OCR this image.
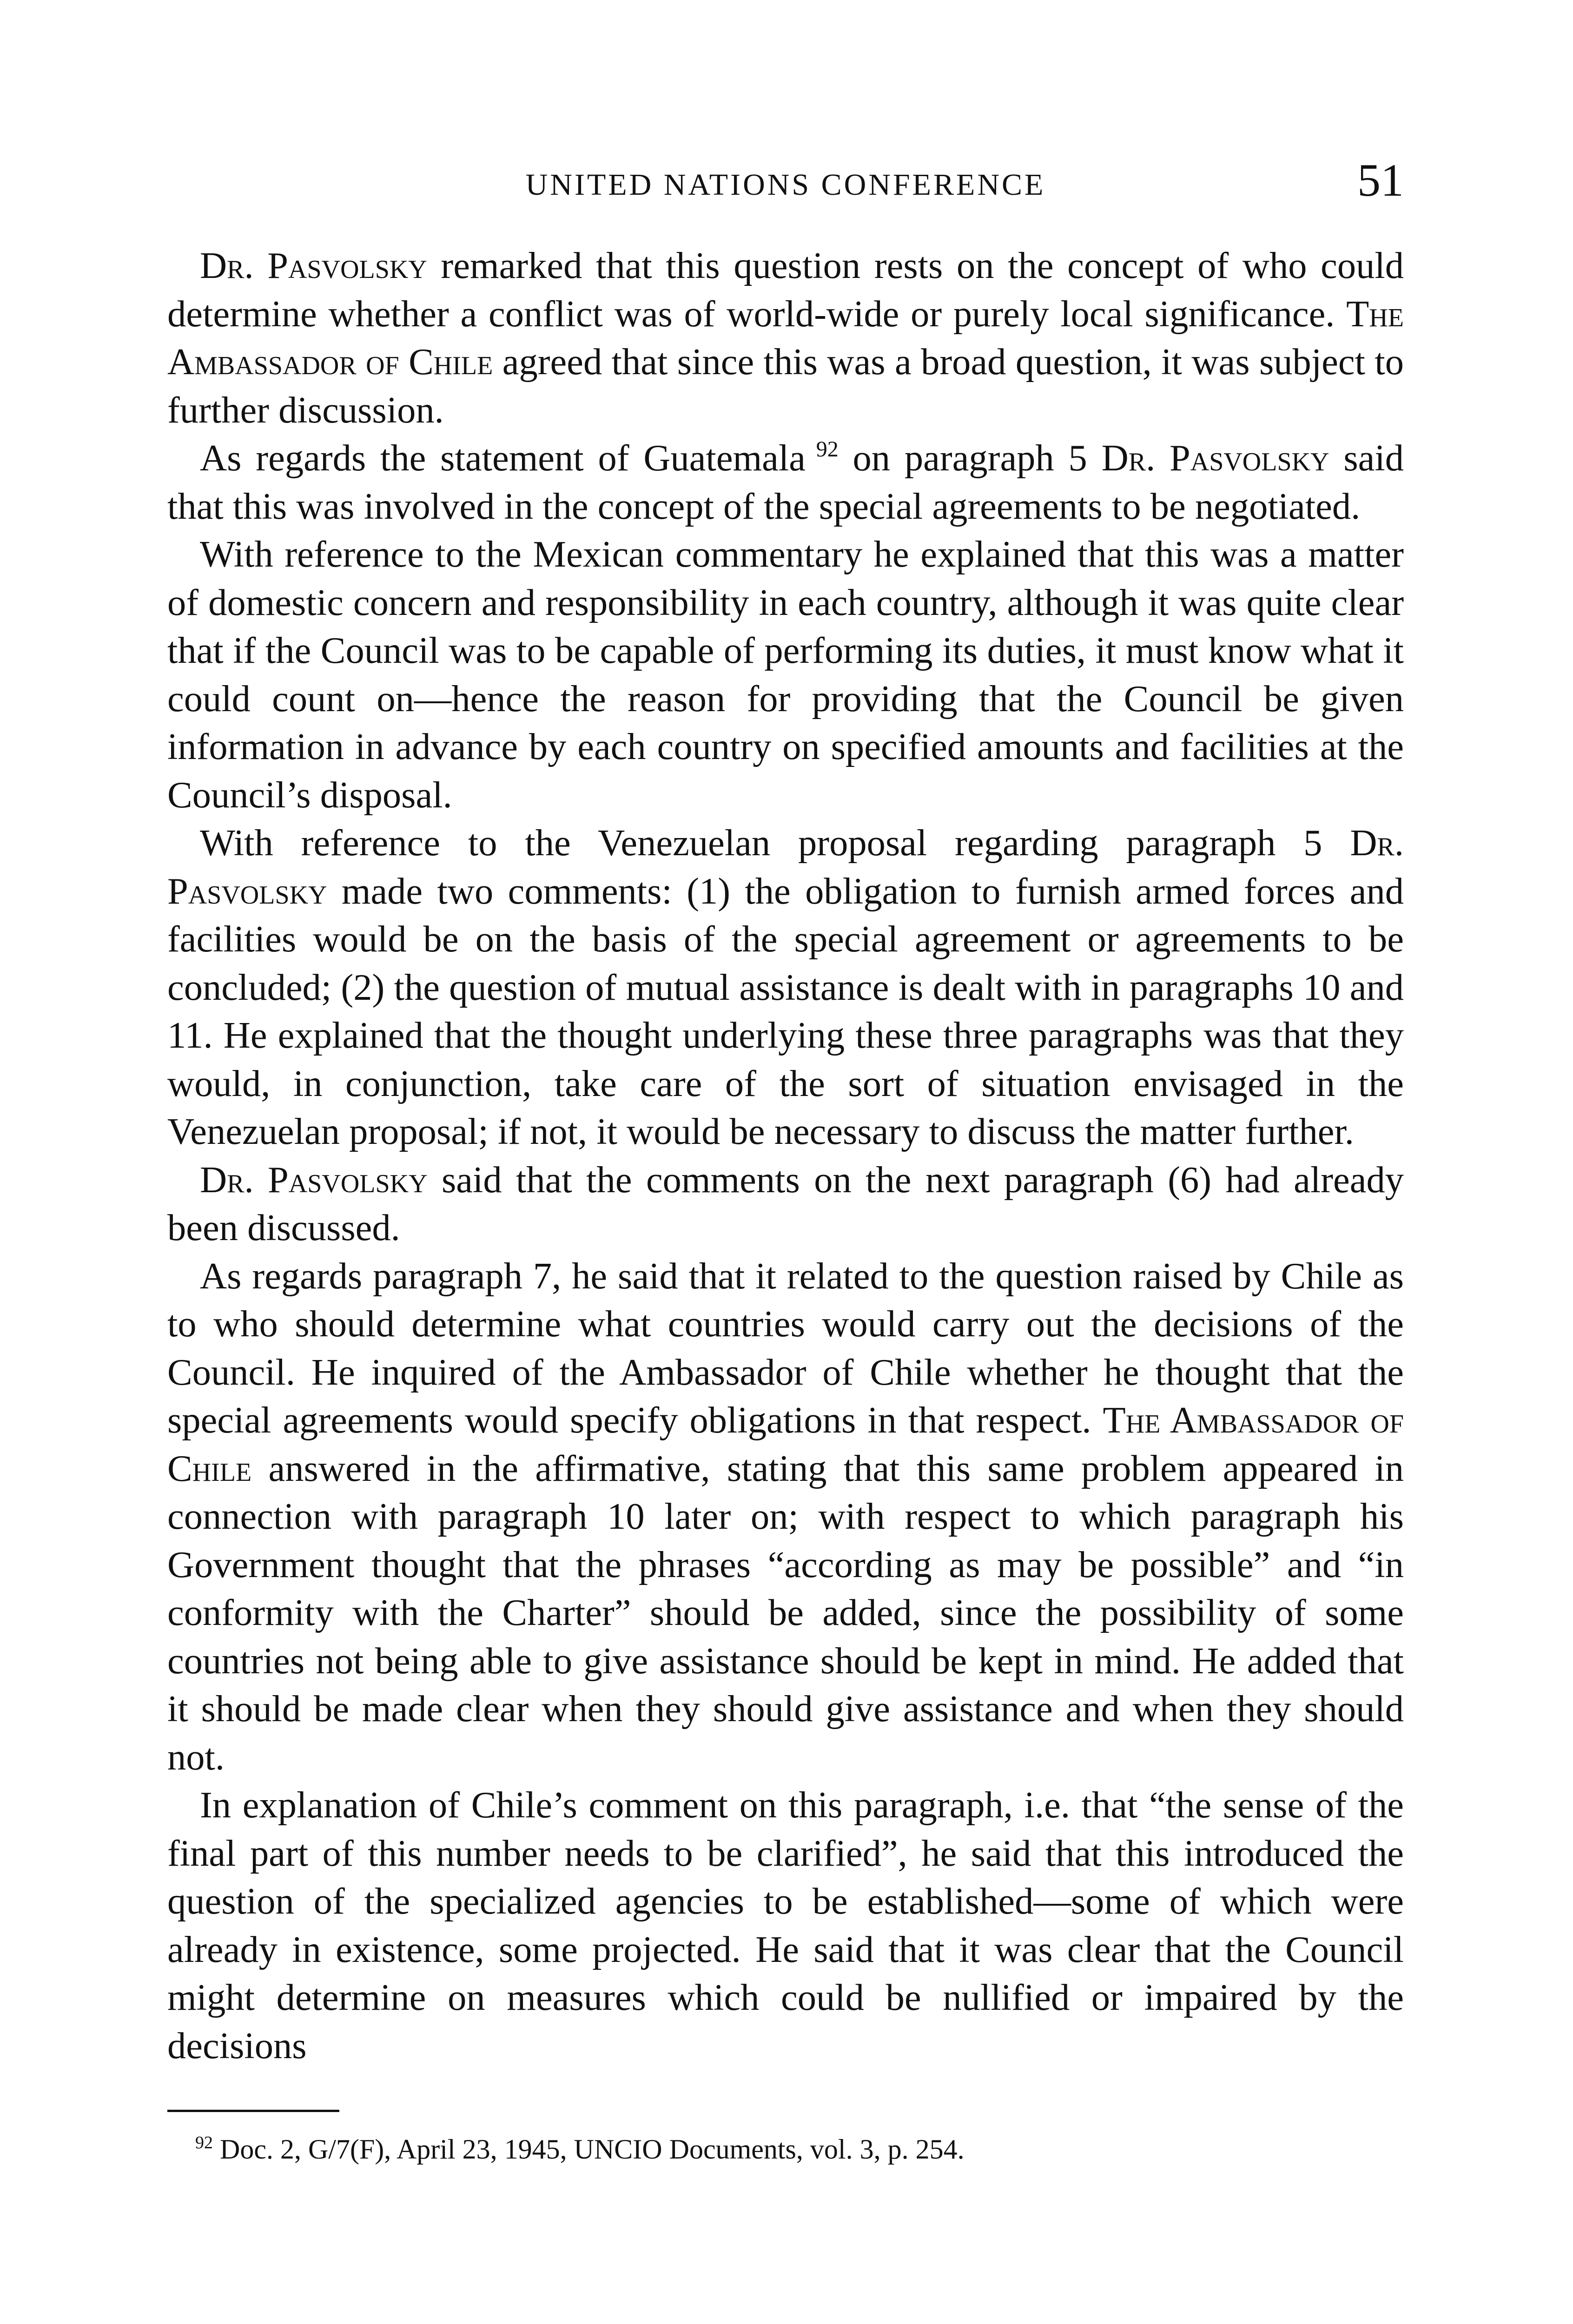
UNITED NATIONS CONFERENCE	51

Dr. Pasvolsky remarked that this question rests on the concept of who could determine whether a conflict was of world-wide or purely local significance. The Ambassador of Chile agreed that since this was a broad question, it was subject to further discussion.

As regards the statement of Guatemala $^{92}$ on paragraph 5 Dr. Pasvolsky said that this was involved in the concept of the special agreements to be negotiated.

With reference to the Mexican commentary he explained that this was a matter of domestic concern and responsibility in each country, although it was quite clear that if the Council was to be capable of performing its duties, it must know what it could count on—hence the reason for providing that the Council be given information in advance by each country on specified amounts and facilities at the Council’s disposal.

With reference to the Venezuelan proposal regarding paragraph 5 Dr. Pasvolsky made two comments: (1) the obligation to furnish armed forces and facilities would be on the basis of the special agreement or agreements to be concluded; (2) the question of mutual assistance is dealt with in paragraphs 10 and 11. He explained that the thought underlying these three paragraphs was that they would, in conjunction, take care of the sort of situation envisaged in the Venezuelan proposal; if not, it would be necessary to discuss the matter further.

Dr. Pasvolsky said that the comments on the next paragraph (6) had already been discussed.

As regards paragraph 7, he said that it related to the question raised by Chile as to who should determine what countries would carry out the decisions of the Council. He inquired of the Ambassador of Chile whether he thought that the special agreements would specify obligations in that respect. The Ambassador of Chile answered in the affirmative, stating that this same problem appeared in connection with paragraph 10 later on; with respect to which paragraph his Government thought that the phrases “according as may be possible” and “in conformity with the Charter” should be added, since the possibility of some countries not being able to give assistance should be kept in mind. He added that it should be made clear when they should give assistance and when they should not.

In explanation of Chile’s comment on this paragraph, i.e. that “the sense of the final part of this number needs to be clarified”, he said that this introduced the question of the specialized agencies to be established—some of which were already in existence, some projected. He said that it was clear that the Council might determine on measures which could be nullified or impaired by the decisions

$^{92}$ Doc. 2, G/7(F), April 23, 1945, UNCIO Documents, vol. 3, p. 254.
